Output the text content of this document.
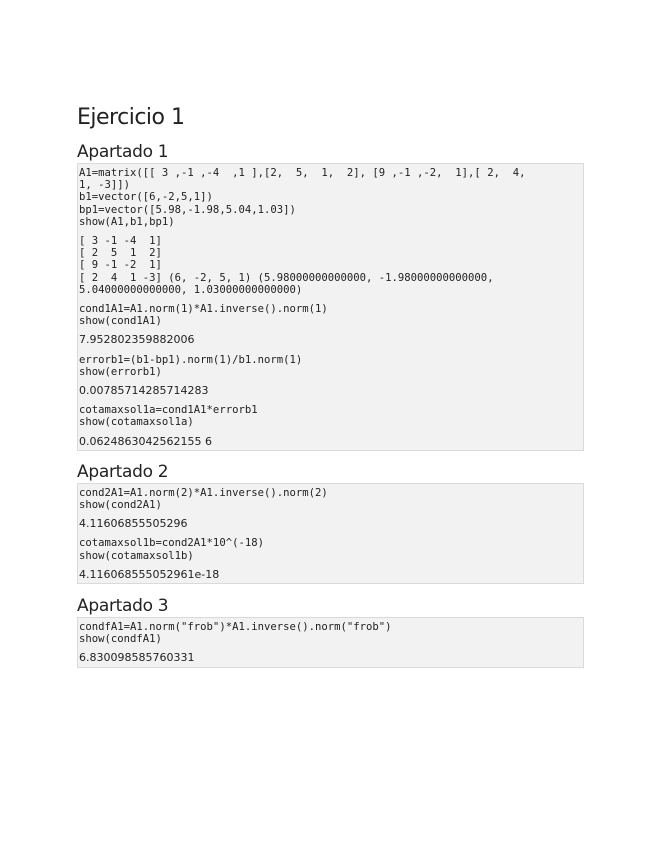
Ejercicio 1
Apartado 1
A1=matrix([[ 3 ,-1 ,-4  ,1 ],[2,  5,  1,  2], [9 ,-1 ,-2,  1],[ 2,  4,
1, -3]])
b1=vector([6,-2,5,1])
bp1=vector([5.98,-1.98,5.04,1.03])
show(A1,b1,bp1)
[ 3 -1 -4  1]
[ 2  5  1  2]
[ 9 -1 -2  1]
[ 2  4  1 -3] (6, -2, 5, 1) (5.98000000000000, -1.98000000000000,
5.04000000000000, 1.03000000000000)
cond1A1=A1.norm(1)*A1.inverse().norm(1)
show(cond1A1)
7.952802359882006
errorb1=(b1-bp1).norm(1)/b1.norm(1)
show(errorb1)
0.00785714285714283
cotamaxsol1a=cond1A1*errorb1
show(cotamaxsol1a)
0.0624863042562155 6
Apartado 2
cond2A1=A1.norm(2)*A1.inverse().norm(2)
show(cond2A1)
4.11606855505296
cotamaxsol1b=cond2A1*10^(-18)
show(cotamaxsol1b)
4.116068555052961e-18
Apartado 3
condfA1=A1.norm("frob")*A1.inverse().norm("frob")
show(condfA1)
6.830098585760331
